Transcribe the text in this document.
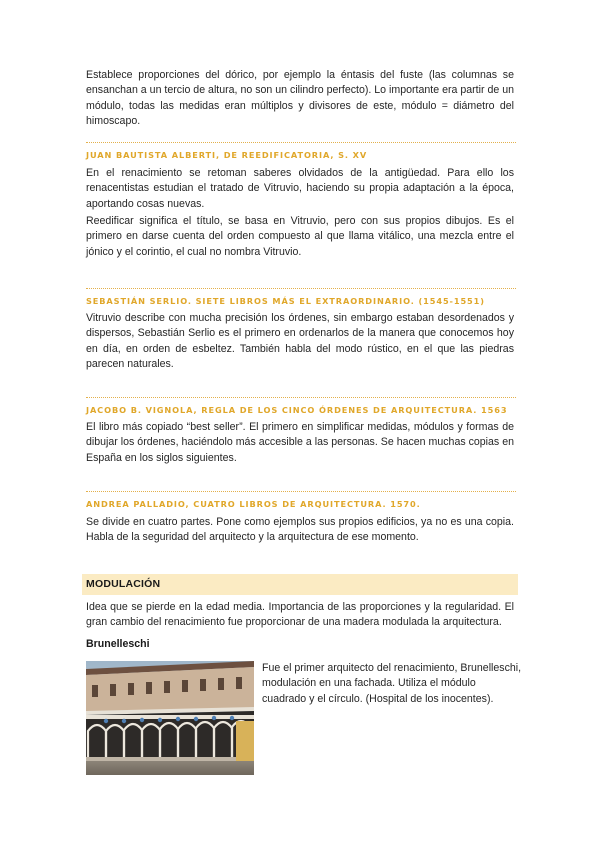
Establece proporciones del dórico, por ejemplo la éntasis del fuste (las columnas se ensanchan a un tercio de altura, no son un cilindro perfecto). Lo importante era partir de un módulo, todas las medidas eran múltiplos y divisores de este, módulo = diámetro del himoscapo.

JUAN BAUTISTA ALBERTI, DE REEDIFICATORIA, S. XV

En el renacimiento se retoman saberes olvidados de la antigüedad. Para ello los renacentistas estudian el tratado de Vitruvio, haciendo su propia adaptación a la época, aportando cosas nuevas.

Reedificar significa el título, se basa en Vitruvio, pero con sus propios dibujos. Es el primero en darse cuenta del orden compuesto al que llama vitálico, una mezcla entre el jónico y el corintio, el cual no nombra Vitruvio.

SEBASTIÁN SERLIO. SIETE LIBROS MÁS EL EXTRAORDINARIO. (1545-1551)

Vitruvio describe con mucha precisión los órdenes, sin embargo estaban desordenados y dispersos, Sebastián Serlio es el primero en ordenarlos de la manera que conocemos hoy en día, en orden de esbeltez. También habla del modo rústico, en el que las piedras parecen naturales.

JACOBO B. VIGNOLA, REGLA DE LOS CINCO ÓRDENES DE ARQUITECTURA. 1563

El libro más copiado “best seller”. El primero en simplificar medidas, módulos y formas de dibujar los órdenes, haciéndolo más accesible a las personas. Se hacen muchas copias en España en los siglos siguientes.

ANDREA PALLADIO, CUATRO LIBROS DE ARQUITECTURA. 1570.

Se divide en cuatro partes. Pone como ejemplos sus propios edificios, ya no es una copia. Habla de la seguridad del arquitecto y la arquitectura de ese momento.

MODULACIÓN

Idea que se pierde en la edad media. Importancia de las proporciones y la regularidad. El gran cambio del renacimiento fue proporcionar de una madera modulada la arquitectura.

Brunelleschi

Fue el primer arquitecto del renacimiento, Brunelleschi, modulación en una fachada. Utiliza el módulo cuadrado y el círculo. (Hospital de los inocentes).
